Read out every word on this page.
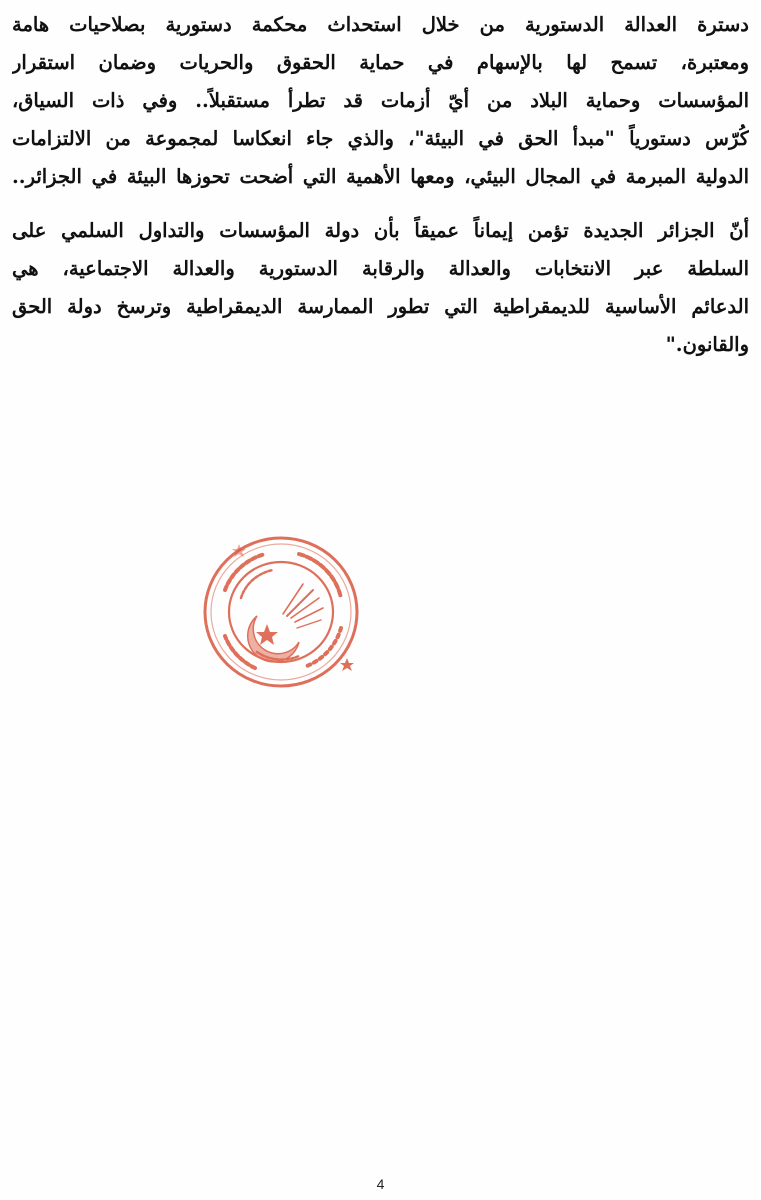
دسترة العدالة الدستورية من خلال استحداث محكمة دستورية بصلاحيات هامة
ومعتبرة، تسمح لها بالإسهام في حماية الحقوق والحريات وضمان استقرار
المؤسسات وحماية البلاد من أيّ أزمات قد تطرأ مستقبلاً.. وفي ذات السياق،
كُرّس دستورياً "مبدأ الحق في البيئة"، والذي جاء انعكاسا لمجموعة من الالتزامات
الدولية المبرمة في المجال البيئي، ومعها الأهمية التي أضحت تحوزها البيئة في الجزائر..
أنّ الجزائر الجديدة تؤمن إيماناً عميقاً بأن دولة المؤسسات والتداول السلمي على
السلطة عبر الانتخابات والعدالة والرقابة الدستورية والعدالة الاجتماعية، هي
الدعائم الأساسية للديمقراطية التي تطور الممارسة الديمقراطية وترسخ دولة الحق
والقانون."
4
